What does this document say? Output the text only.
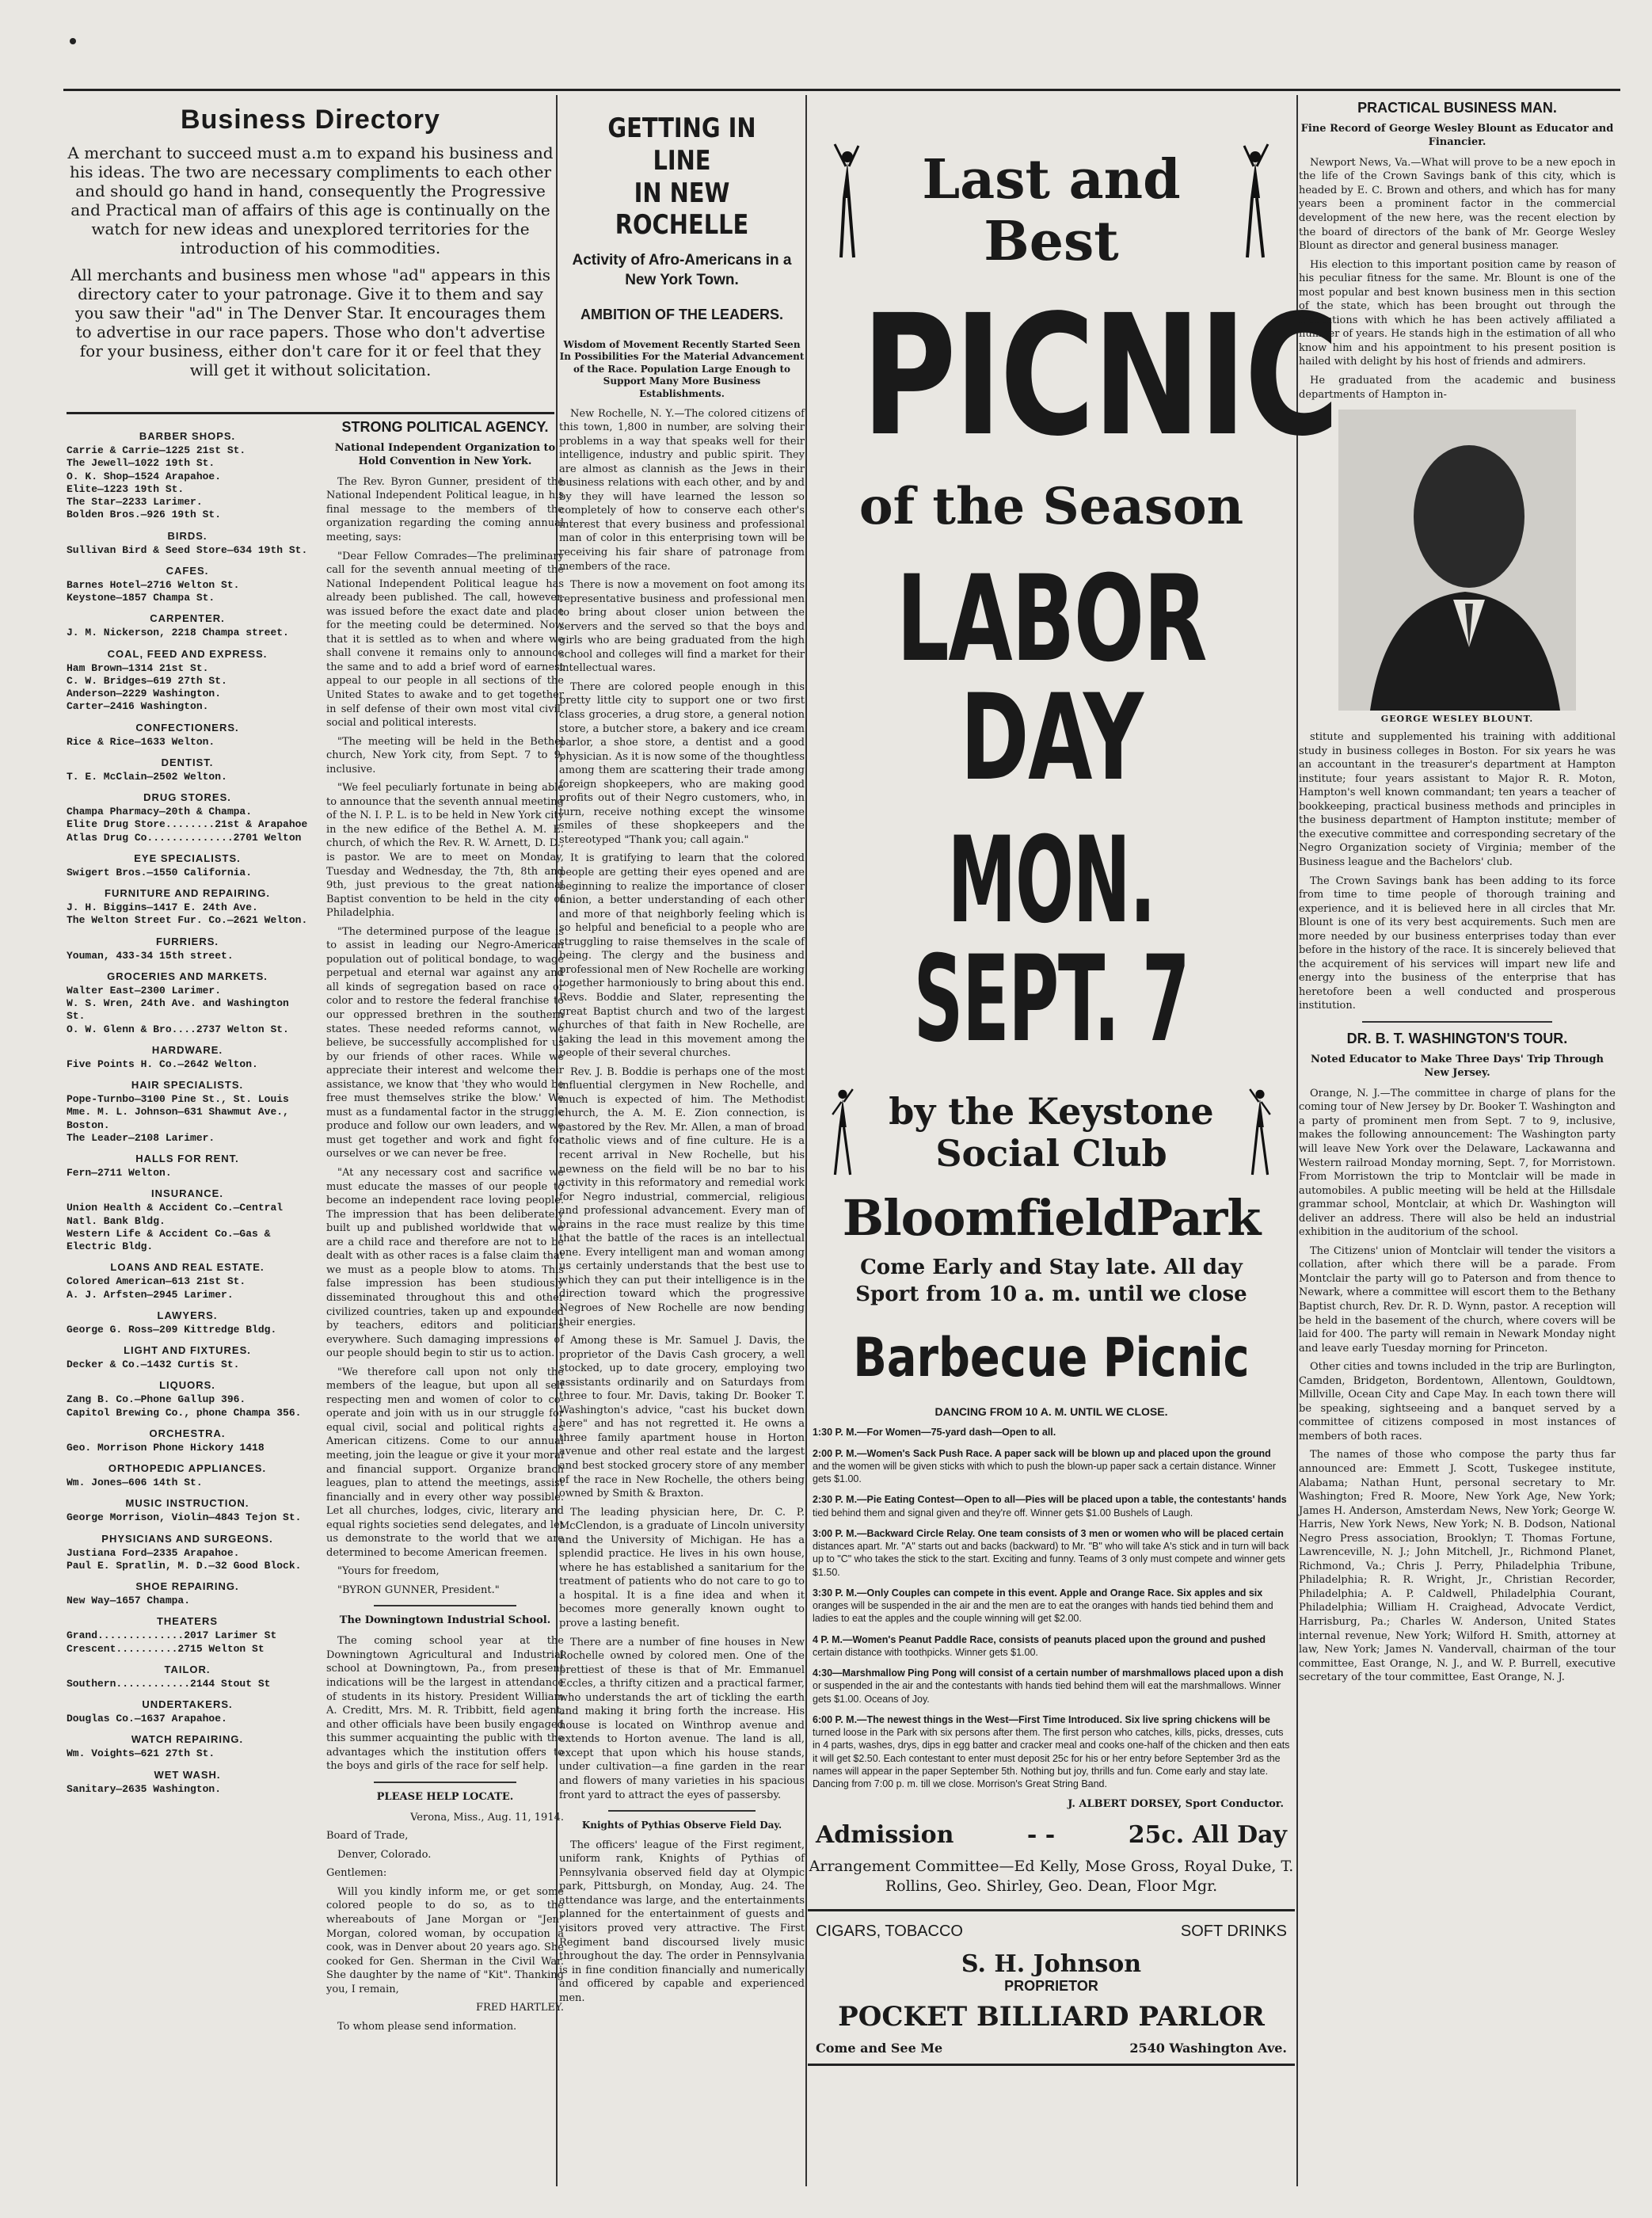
Business Directory

A merchant to succeed must a.m to expand his business and his ideas. The two are necessary compliments to each other and should go hand in hand, consequently the Progressive and Practical man of affairs of this age is continually on the watch for new ideas and unexplored territories for the introduction of his commodities.

All merchants and business men whose "ad" appears in this directory cater to your patronage. Give it to them and say you saw their "ad" in The Denver Star. It encourages them to advertise in our race papers. Those who don't advertise for your business, either don't care for it or feel that they will get it without solicitation.

BARBER SHOPS.
Carrie & Carrie—1225 21st St.
The Jewell—1022 19th St.
O. K. Shop—1524 Arapahoe.
Elite—1223 19th St.
The Star—2233 Larimer.
Bolden Bros.—926 19th St.
BIRDS.
Sullivan Bird & Seed Store—634 19th St.
CAFES.
Barnes Hotel—2716 Welton St.
Keystone—1857 Champa St.
CARPENTER.
J. M. Nickerson, 2218 Champa street.
COAL, FEED AND EXPRESS.
Ham Brown—1314 21st St.
C. W. Bridges—619 27th St.
Anderson—2229 Washington.
Carter—2416 Washington.
CONFECTIONERS.
Rice & Rice—1633 Welton.
DENTIST.
T. E. McClain—2502 Welton.
DRUG STORES.
Champa Pharmacy—20th & Champa.
Elite Drug Store........21st & Arapahoe
Atlas Drug Co..............2701 Welton
EYE SPECIALISTS.
Swigert Bros.—1550 California.
FURNITURE AND REPAIRING.
J. H. Biggins—1417 E. 24th Ave.
The Welton Street Fur. Co.—2621 Welton.
FURRIERS.
Youman, 433-34 15th street.
GROCERIES AND MARKETS.
Walter East—2300 Larimer.
W. S. Wren, 24th Ave. and Washington St.
O. W. Glenn & Bro....2737 Welton St.
HARDWARE.
Five Points H. Co.—2642 Welton.
HAIR SPECIALISTS.
Pope-Turnbo—3100 Pine St., St. Louis
Mme. M. L. Johnson—631 Shawmut Ave., Boston.
The Leader—2108 Larimer.
HALLS FOR RENT.
Fern—2711 Welton.
INSURANCE.
Union Health & Accident Co.—Central Natl. Bank Bldg.
Western Life & Accident Co.—Gas & Electric Bldg.
LOANS AND REAL ESTATE.
Colored American—613 21st St.
A. J. Arfsten—2945 Larimer.
LAWYERS.
George G. Ross—209 Kittredge Bldg.
LIGHT AND FIXTURES.
Decker & Co.—1432 Curtis St.
LIQUORS.
Zang B. Co.—Phone Gallup 396.
Capitol Brewing Co., phone Champa 356.
ORCHESTRA.
Geo. Morrison Phone Hickory 1418
ORTHOPEDIC APPLIANCES.
Wm. Jones—606 14th St.
MUSIC INSTRUCTION.
George Morrison, Violin—4843 Tejon St.
PHYSICIANS AND SURGEONS.
Justiana Ford—2335 Arapahoe.
Paul E. Spratlin, M. D.—32 Good Block.
SHOE REPAIRING.
New Way—1657 Champa.
THEATERS
Grand..............2017 Larimer St
Crescent..........2715 Welton St
TAILOR.
Southern............2144 Stout St
UNDERTAKERS.
Douglas Co.—1637 Arapahoe.
WATCH REPAIRING.
Wm. Voights—621 27th St.
WET WASH.
Sanitary—2635 Washington.
STRONG POLITICAL AGENCY.
National Independent Organization to Hold Convention in New York.

The Rev. Byron Gunner, president of the National Independent Political league, in his final message to the members of the organization regarding the coming annual meeting, says:

"Dear Fellow Comrades—The preliminary call for the seventh annual meeting of the National Independent Political league has already been published. The call, however, was issued before the exact date and place for the meeting could be determined. Now that it is settled as to when and where we shall convene it remains only to announce the same and to add a brief word of earnest appeal to our people in all sections of the United States to awake and to get together in self defense of their own most vital civil, social and political interests.

"The meeting will be held in the Bethel church, New York city, from Sept. 7 to 9, inclusive.

"We feel peculiarly fortunate in being able to announce that the seventh annual meeting of the N. I. P. L. is to be held in New York city in the new edifice of the Bethel A. M. E. church, of which the Rev. R. W. Arnett, D. D., is pastor. We are to meet on Monday, Tuesday and Wednesday, the 7th, 8th and 9th, just previous to the great national Baptist convention to be held in the city of Philadelphia.

"The determined purpose of the league is to assist in leading our Negro-American population out of political bondage, to wage perpetual and eternal war against any and all kinds of segregation based on race or color and to restore the federal franchise to our oppressed brethren in the southern states. These needed reforms cannot, we believe, be successfully accomplished for us by our friends of other races. While we appreciate their interest and welcome their assistance, we know that 'they who would be free must themselves strike the blow.' We must as a fundamental factor in the struggle produce and follow our own leaders, and we must get together and work and fight for ourselves or we can never be free.

"At any necessary cost and sacrifice we must educate the masses of our people to become an independent race loving people. The impression that has been deliberately built up and published worldwide that we are a child race and therefore are not to be dealt with as other races is a false claim that we must as a people blow to atoms. This false impression has been studiously disseminated throughout this and other civilized countries, taken up and expounded by teachers, editors and politicians everywhere. Such damaging impressions of our people should begin to stir us to action.

"We therefore call upon not only the members of the league, but upon all self respecting men and women of color to co-operate and join with us in our struggle for equal civil, social and political rights as American citizens. Come to our annual meeting, join the league or give it your moral and financial support. Organize branch leagues, plan to attend the meetings, assist financially and in every other way possible. Let all churches, lodges, civic, literary and equal rights societies send delegates, and let us demonstrate to the world that we are determined to become American freemen.

"Yours for freedom,

"BYRON GUNNER, President."

The Downingtown Industrial School.

The coming school year at the Downingtown Agricultural and Industrial school at Downingtown, Pa., from present indications will be the largest in attendance of students in its history. President William A. Creditt, Mrs. M. R. Tribbitt, field agent, and other officials have been busily engaged this summer acquainting the public with the advantages which the institution offers to the boys and girls of the race for self help.

PLEASE HELP LOCATE.

Verona, Miss., Aug. 11, 1914.

Board of Trade,

Denver, Colorado.

Gentlemen:

Will you kindly inform me, or get some colored people to do so, as to the whereabouts of Jane Morgan or "Jen" Morgan, colored woman, by occupation a cook, was in Denver about 20 years ago. She cooked for Gen. Sherman in the Civil War. She daughter by the name of "Kit". Thanking you, I remain,

FRED HARTLEY.

To whom please send information.

GETTING IN LINE
IN NEW ROCHELLE
Activity of Afro-Americans in a New York Town.
AMBITION OF THE LEADERS.
Wisdom of Movement Recently Started Seen In Possibilities For the Material Advancement of the Race. Population Large Enough to Support Many More Business Establishments.

New Rochelle, N. Y.—The colored citizens of this town, 1,800 in number, are solving their problems in a way that speaks well for their intelligence, industry and public spirit. They are almost as clannish as the Jews in their business relations with each other, and by and by they will have learned the lesson so completely of how to conserve each other's interest that every business and professional man of color in this enterprising town will be receiving his fair share of patronage from members of the race.

There is now a movement on foot among its representative business and professional men to bring about closer union between the servers and the served so that the boys and girls who are being graduated from the high school and colleges will find a market for their intellectual wares.

There are colored people enough in this pretty little city to support one or two first class groceries, a drug store, a general notion store, a butcher store, a bakery and ice cream parlor, a shoe store, a dentist and a good physician. As it is now some of the thoughtless among them are scattering their trade among foreign shopkeepers, who are making good profits out of their Negro customers, who, in turn, receive nothing except the winsome smiles of these shopkeepers and the stereotyped "Thank you; call again."

It is gratifying to learn that the colored people are getting their eyes opened and are beginning to realize the importance of closer union, a better understanding of each other and more of that neighborly feeling which is so helpful and beneficial to a people who are struggling to raise themselves in the scale of being. The clergy and the business and professional men of New Rochelle are working together harmoniously to bring about this end. Revs. Boddie and Slater, representing the great Baptist church and two of the largest churches of that faith in New Rochelle, are taking the lead in this movement among the people of their several churches.

Rev. J. B. Boddie is perhaps one of the most influential clergymen in New Rochelle, and much is expected of him. The Methodist church, the A. M. E. Zion connection, is pastored by the Rev. Mr. Allen, a man of broad catholic views and of fine culture. He is a recent arrival in New Rochelle, but his newness on the field will be no bar to his activity in this reformatory and remedial work for Negro industrial, commercial, religious and professional advancement. Every man of brains in the race must realize by this time that the battle of the races is an intellectual one. Every intelligent man and woman among us certainly understands that the best use to which they can put their intelligence is in the direction toward which the progressive Negroes of New Rochelle are now bending their energies.

Among these is Mr. Samuel J. Davis, the proprietor of the Davis Cash grocery, a well stocked, up to date grocery, employing two assistants ordinarily and on Saturdays from three to four. Mr. Davis, taking Dr. Booker T. Washington's advice, "cast his bucket down here" and has not regretted it. He owns a three family apartment house in Horton avenue and other real estate and the largest and best stocked grocery store of any member of the race in New Rochelle, the others being owned by Smith & Braxton.

The leading physician here, Dr. C. P. McClendon, is a graduate of Lincoln university and the University of Michigan. He has a splendid practice. He lives in his own house, where he has established a sanitarium for the treatment of patients who do not care to go to a hospital. It is a fine idea and when it becomes more generally known ought to prove a lasting benefit.

There are a number of fine houses in New Rochelle owned by colored men. One of the prettiest of these is that of Mr. Emmanuel Eccles, a thrifty citizen and a practical farmer, who understands the art of tickling the earth and making it bring forth the increase. His house is located on Winthrop avenue and extends to Horton avenue. The land is all, except that upon which his house stands, under cultivation—a fine garden in the rear and flowers of many varieties in his spacious front yard to attract the eyes of passersby.

Knights of Pythias Observe Field Day.

The officers' league of the First regiment, uniform rank, Knights of Pythias of Pennsylvania observed field day at Olympic park, Pittsburgh, on Monday, Aug. 24. The attendance was large, and the entertainments planned for the entertainment of guests and visitors proved very attractive. The First Regiment band discoursed lively music throughout the day. The order in Pennsylvania is in fine condition financially and numerically and officered by capable and experienced men.

Last and
Best
PICNIC
of the Season
LABOR DAY
MON. SEPT. 7
by the Keystone
Social Club
BloomfieldPark
Come Early and Stay late. All day
Sport from 10 a. m. until we close
Barbecue Picnic
DANCING FROM 10 A. M. UNTIL WE CLOSE.

1:30 P. M.—For Women—75-yard dash—Open to all.

2:00 P. M.—Women's Sack Push Race. A paper sack will be blown up and placed upon the ground and the women will be given sticks with which to push the blown-up paper sack a certain distance. Winner gets $1.00.

2:30 P. M.—Pie Eating Contest—Open to all—Pies will be placed upon a table, the contestants' hands tied behind them and signal given and they're off. Winner gets $1.00 Bushels of Laugh.

3:00 P. M.—Backward Circle Relay. One team consists of 3 men or women who will be placed certain distances apart. Mr. "A" starts out and backs (backward) to Mr. "B" who will take A's stick and in turn will back up to "C" who takes the stick to the start. Exciting and funny. Teams of 3 only must compete and winner gets $1.50.

3:30 P. M.—Only Couples can compete in this event. Apple and Orange Race. Six apples and six oranges will be suspended in the air and the men are to eat the oranges with hands tied behind them and ladies to eat the apples and the couple winning will get $2.00.

4 P. M.—Women's Peanut Paddle Race, consists of peanuts placed upon the ground and pushed certain distance with toothpicks. Winner gets $1.00.

4:30—Marshmallow Ping Pong will consist of a certain number of marshmallows placed upon a dish or suspended in the air and the contestants with hands tied behind them will eat the marshmallows. Winner gets $1.00. Oceans of Joy.

6:00 P. M.—The newest things in the West—First Time Introduced. Six live spring chickens will be turned loose in the Park with six persons after them. The first person who catches, kills, picks, dresses, cuts in 4 parts, washes, drys, dips in egg batter and cracker meal and cooks one-half of the chicken and then eats it will get $2.50. Each contestant to enter must deposit 25c for his or her entry before September 3rd as the names will appear in the paper September 5th. Nothing but joy, thrills and fun. Come early and stay late. Dancing from 7:00 p. m. till we close. Morrison's Great String Band.

J. ALBERT DORSEY, Sport Conductor.
Admission	- -	25c. All Day
Arrangement Committee—Ed Kelly, Mose Gross, Royal Duke, T. Rollins, Geo. Shirley, Geo. Dean, Floor Mgr.
CIGARS, TOBACCO	SOFT DRINKS
S. H. Johnson
PROPRIETOR
POCKET BILLIARD PARLOR
Come and See Me	2540 Washington Ave.
PRACTICAL BUSINESS MAN.
Fine Record of George Wesley Blount as Educator and Financier.

Newport News, Va.—What will prove to be a new epoch in the life of the Crown Savings bank of this city, which is headed by E. C. Brown and others, and which has for many years been a prominent factor in the commercial development of the new here, was the recent election by the board of directors of the bank of Mr. George Wesley Blount as director and general business manager.

His election to this important position came by reason of his peculiar fitness for the same. Mr. Blount is one of the most popular and best known business men in this section of the state, which has been brought out through the institutions with which he has been actively affiliated a number of years. He stands high in the estimation of all who know him and his appointment to his present position is hailed with delight by his host of friends and admirers.

He graduated from the academic and business departments of Hampton in-

GEORGE WESLEY BLOUNT.

stitute and supplemented his training with additional study in business colleges in Boston. For six years he was an accountant in the treasurer's department at Hampton institute; four years assistant to Major R. R. Moton, Hampton's well known commandant; ten years a teacher of bookkeeping, practical business methods and principles in the business department of Hampton institute; member of the executive committee and corresponding secretary of the Negro Organization society of Virginia; member of the Business league and the Bachelors' club.

The Crown Savings bank has been adding to its force from time to time people of thorough training and experience, and it is believed here in all circles that Mr. Blount is one of its very best acquirements. Such men are more needed by our business enterprises today than ever before in the history of the race. It is sincerely believed that the acquirement of his services will impart new life and energy into the business of the enterprise that has heretofore been a well conducted and prosperous institution.

DR. B. T. WASHINGTON'S TOUR.
Noted Educator to Make Three Days' Trip Through New Jersey.

Orange, N. J.—The committee in charge of plans for the coming tour of New Jersey by Dr. Booker T. Washington and a party of prominent men from Sept. 7 to 9, inclusive, makes the following announcement: The Washington party will leave New York over the Delaware, Lackawanna and Western railroad Monday morning, Sept. 7, for Morristown. From Morristown the trip to Montclair will be made in automobiles. A public meeting will be held at the Hillsdale grammar school, Montclair, at which Dr. Washington will deliver an address. There will also be held an industrial exhibition in the auditorium of the school.

The Citizens' union of Montclair will tender the visitors a collation, after which there will be a parade. From Montclair the party will go to Paterson and from thence to Newark, where a committee will escort them to the Bethany Baptist church, Rev. Dr. R. D. Wynn, pastor. A reception will be held in the basement of the church, where covers will be laid for 400. The party will remain in Newark Monday night and leave early Tuesday morning for Princeton.

Other cities and towns included in the trip are Burlington, Camden, Bridgeton, Bordentown, Allentown, Gouldtown, Millville, Ocean City and Cape May. In each town there will be speaking, sightseeing and a banquet served by a committee of citizens composed in most instances of members of both races.

The names of those who compose the party thus far announced are: Emmett J. Scott, Tuskegee institute, Alabama; Nathan Hunt, personal secretary to Mr. Washington; Fred R. Moore, New York Age, New York; James H. Anderson, Amsterdam News, New York; George W. Harris, New York News, New York; N. B. Dodson, National Negro Press association, Brooklyn; T. Thomas Fortune, Lawrenceville, N. J.; John Mitchell, Jr., Richmond Planet, Richmond, Va.; Chris J. Perry, Philadelphia Tribune, Philadelphia; R. R. Wright, Jr., Christian Recorder, Philadelphia; A. P. Caldwell, Philadelphia Courant, Philadelphia; William H. Craighead, Advocate Verdict, Harrisburg, Pa.; Charles W. Anderson, United States internal revenue, New York; Wilford H. Smith, attorney at law, New York; James N. Vandervall, chairman of the tour committee, East Orange, N. J., and W. P. Burrell, executive secretary of the tour committee, East Orange, N. J.
